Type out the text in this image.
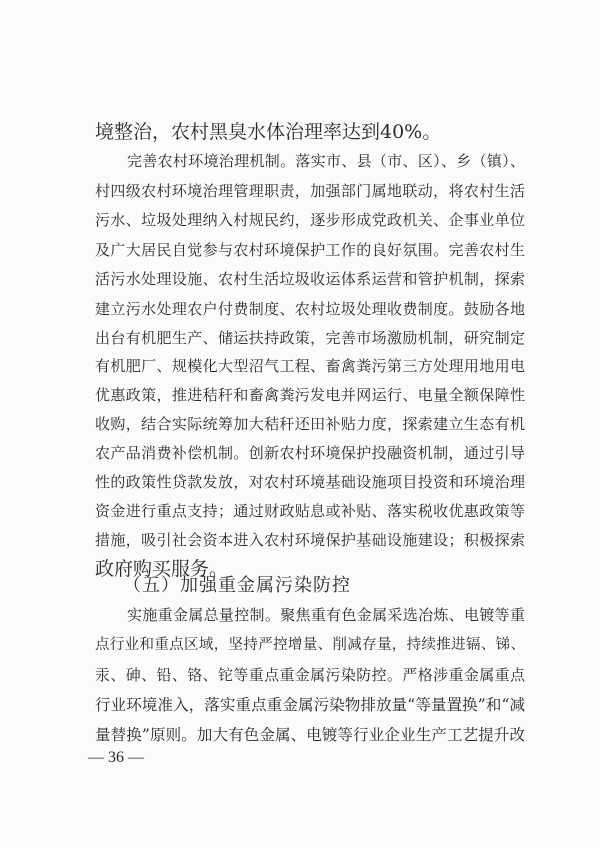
境整治，农村黑臭水体治理率达到40%。
完善农村环境治理机制。落实市、县（市、区）、乡（镇）、
村四级农村环境治理管理职责，加强部门属地联动，将农村生活
污水、垃圾处理纳入村规民约，逐步形成党政机关、企事业单位
及广大居民自觉参与农村环境保护工作的良好氛围。完善农村生
活污水处理设施、农村生活垃圾收运体系运营和管护机制，探索
建立污水处理农户付费制度、农村垃圾处理收费制度。鼓励各地
出台有机肥生产、储运扶持政策，完善市场激励机制，研究制定
有机肥厂、规模化大型沼气工程、畜禽粪污第三方处理用地用电
优惠政策，推进秸秆和畜禽粪污发电并网运行、电量全额保障性
收购，结合实际统筹加大秸秆还田补贴力度，探索建立生态有机
农产品消费补偿机制。创新农村环境保护投融资机制，通过引导
性的政策性贷款发放，对农村环境基础设施项目投资和环境治理
资金进行重点支持；通过财政贴息或补贴、落实税收优惠政策等
措施，吸引社会资本进入农村环境保护基础设施建设；积极探索
政府购买服务。
（五）加强重金属污染防控
实施重金属总量控制。聚焦重有色金属采选冶炼、电镀等重
点行业和重点区域，坚持严控增量、削减存量，持续推进镉、锑、
汞、砷、铅、铬、铊等重点重金属污染防控。严格涉重金属重点
行业环境准入，落实重点重金属污染物排放量“等量置换”和“减
量替换”原则。加大有色金属、电镀等行业企业生产工艺提升改
— 36 —
